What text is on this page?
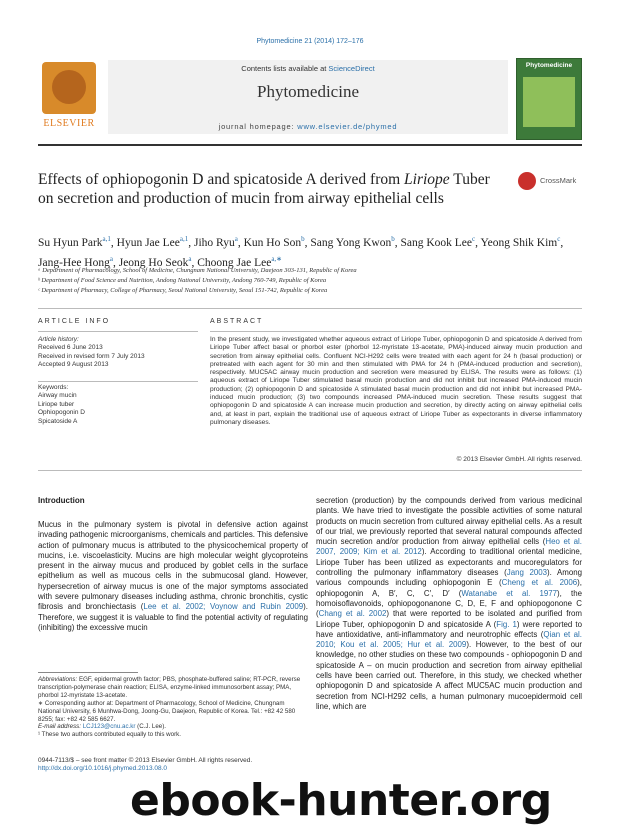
Phytomedicine 21 (2014) 172–176
ELSEVIER
Contents lists available at ScienceDirect
Phytomedicine
journal homepage: www.elsevier.de/phymed
Phytomedicine
Effects of ophiopogonin D and spicatoside A derived from Liriope Tuber on secretion and production of mucin from airway epithelial cells
CrossMark
Su Hyun Park$^{a,1}$, Hyun Jae Lee$^{a,1}$, Jiho Ryu$^a$, Kun Ho Son$^b$, Sang Yong Kwon$^b$, Sang Kook Lee$^c$, Yeong Shik Kim$^c$, Jang-Hee Hong$^a$, Jeong Ho Seok$^a$, Choong Jae Lee$^{a,∗}$
ᵃ Department of Pharmacology, School of Medicine, Chungnam National University, Daejeon 303-131, Republic of Korea
ᵇ Department of Food Science and Nutrition, Andong National University, Andong 760-749, Republic of Korea
ᶜ Department of Pharmacy, College of Pharmacy, Seoul National University, Seoul 151-742, Republic of Korea
ARTICLE INFO	ABSTRACT
Article history:
Received 6 June 2013
Received in revised form 7 July 2013
Accepted 9 August 2013
Keywords:
Airway mucin
Liriope tuber
Ophiopogonin D
Spicatoside A
In the present study, we investigated whether aqueous extract of Liriope Tuber, ophiopogonin D and spicatoside A derived from Liriope Tuber affect basal or phorbol ester (phorbol 12-myristate 13-acetate, PMA)-induced airway mucin production and secretion from airway epithelial cells. Confluent NCI-H292 cells were treated with each agent for 24 h (basal production) or pretreated with each agent for 30 min and then stimulated with PMA for 24 h (PMA-induced production and secretion), respectively. MUC5AC airway mucin production and secretion were measured by ELISA. The results were as follows: (1) aqueous extract of Liriope Tuber stimulated basal mucin production and did not inhibit but increased PMA-induced mucin production; (2) ophiopogonin D and spicatoside A stimulated basal mucin production and did not inhibit but increased PMA-induced mucin production; (3) two compounds increased PMA-induced mucin secretion. These results suggest that ophiopogonin D and spicatoside A can increase mucin production and secretion, by directly acting on airway epithelial cells and, at least in part, explain the traditional use of aqueous extract of Liriope Tuber as expectorants in diverse inflammatory pulmonary diseases.
© 2013 Elsevier GmbH. All rights reserved.
Introduction
Mucus in the pulmonary system is pivotal in defensive action against invading pathogenic microorganisms, chemicals and particles. This defensive action of pulmonary mucus is attributed to the physicochemical property of mucins, i.e. viscoelasticity. Mucins are high molecular weight glycoproteins present in the airway mucus and produced by goblet cells in the surface epithelium as well as mucous cells in the submucosal gland. However, hypersecretion of airway mucus is one of the major symptoms associated with severe pulmonary diseases including asthma, chronic bronchitis, cystic fibrosis and bronchiectasis (Lee et al. 2002; Voynow and Rubin 2009). Therefore, we suggest it is valuable to find the potential activity of regulating (inhibiting) the excessive mucin
secretion (production) by the compounds derived from various medicinal plants. We have tried to investigate the possible activities of some natural products on mucin secretion from cultured airway epithelial cells. As a result of our trial, we previously reported that several natural compounds affected mucin secretion and/or production from airway epithelial cells (Heo et al. 2007, 2009; Kim et al. 2012). According to traditional oriental medicine, Liriope Tuber has been utilized as expectorants and mucoregulators for controlling the pulmonary inflammatory diseases (Jang 2003). Among various compounds including ophiopogonin E (Cheng et al. 2006), ophiopogonin A, B′, C, C′, D′ (Watanabe et al. 1977), the homoisoflavonoids, ophiopogonanone C, D, E, F and ophiopogonone C (Chang et al. 2002) that were reported to be isolated and purified from Liriope Tuber, ophiopogonin D and spicatoside A (Fig. 1) were reported to have antioxidative, anti-inflammatory and neurotrophic effects (Qian et al. 2010; Kou et al. 2005; Hur et al. 2009). However, to the best of our knowledge, no other studies on these two compounds - ophiopogonin D and spicatoside A – on mucin production and secretion from airway epithelial cells have been carried out. Therefore, in this study, we checked whether ophiopogonin D and spicatoside A affect MUC5AC mucin production and secretion from NCI-H292 cells, a human pulmonary mucoepidermoid cell line, which are
Abbreviations: EGF, epidermal growth factor; PBS, phosphate-buffered saline; RT-PCR, reverse transcription-polymerase chain reaction; ELISA, enzyme-linked immunosorbent assay; PMA, phorbol 12-myristate 13-acetate.
∗ Corresponding author at: Department of Pharmacology, School of Medicine, Chungnam National University, 6 Munhwa-Dong, Joong-Gu, Daejeon, Republic of Korea. Tel.: +82 42 580 8255; fax: +82 42 585 6627.
E-mail address: LCJ123@cnu.ac.kr (C.J. Lee).
¹ These two authors contributed equally to this work.
0944-7113/$ – see front matter © 2013 Elsevier GmbH. All rights reserved.
http://dx.doi.org/10.1016/j.phymed.2013.08.0
ebook-hunter.org
